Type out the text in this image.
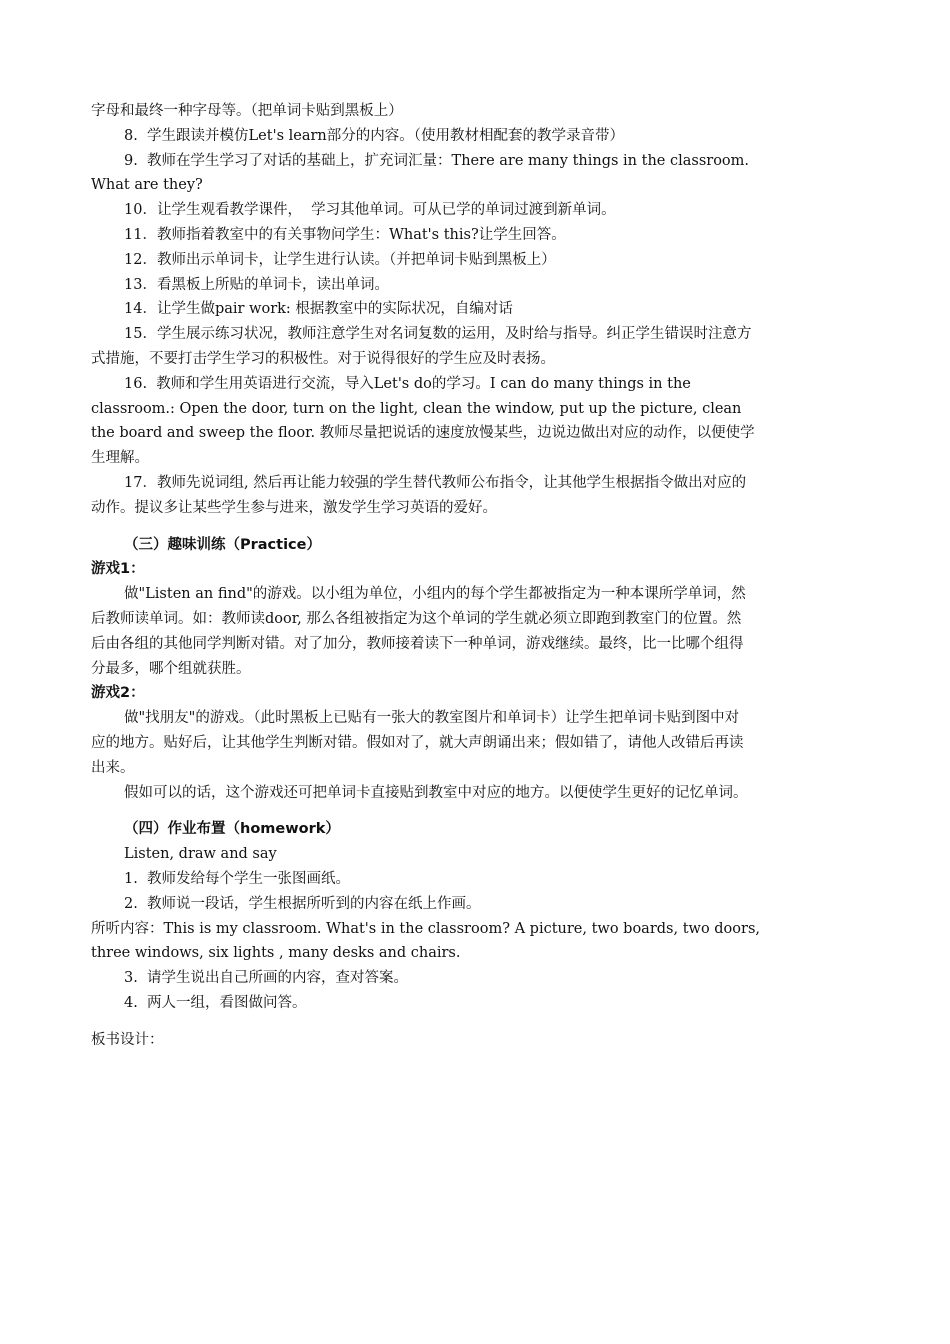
字母和最终一种字母等。（把单词卡贴到黑板上）
8.  学生跟读并模仿Let's learn部分的内容。（使用教材相配套的教学录音带）
9.  教师在学生学习了对话的基础上，扩充词汇量：There are many things in the classroom.
What are they?
10．让学生观看教学课件，  学习其他单词。可从已学的单词过渡到新单词。
11．教师指着教室中的有关事物问学生：What's this?让学生回答。
12．教师出示单词卡，让学生进行认读。（并把单词卡贴到黑板上）
13．看黑板上所贴的单词卡，读出单词。
14．让学生做pair work: 根据教室中的实际状况，自编对话
15．学生展示练习状况，教师注意学生对名词复数的运用，及时给与指导。纠正学生错误时注意方
式措施，不要打击学生学习的积极性。对于说得很好的学生应及时表扬。
16.  教师和学生用英语进行交流，导入Let's do的学习。I can do many things in the
classroom.: Open the door, turn on the light, clean the window, put up the picture, clean
the board and sweep the floor. 教师尽量把说话的速度放慢某些，边说边做出对应的动作，以便使学
生理解。
17．教师先说词组, 然后再让能力较强的学生替代教师公布指令，让其他学生根据指令做出对应的
动作。提议多让某些学生参与进来，激发学生学习英语的爱好。
（三）趣味训练（Practice）
游戏1：
做"Listen an find"的游戏。以小组为单位，小组内的每个学生都被指定为一种本课所学单词，然
后教师读单词。如：教师读door, 那么各组被指定为这个单词的学生就必须立即跑到教室门的位置。然
后由各组的其他同学判断对错。对了加分，教师接着读下一种单词，游戏继续。最终，比一比哪个组得
分最多，哪个组就获胜。
游戏2：
做"找朋友"的游戏。（此时黑板上已贴有一张大的教室图片和单词卡）让学生把单词卡贴到图中对
应的地方。贴好后，让其他学生判断对错。假如对了，就大声朗诵出来；假如错了，请他人改错后再读
出来。
假如可以的话，这个游戏还可把单词卡直接贴到教室中对应的地方。以便使学生更好的记忆单词。
（四）作业布置（homework）
Listen, draw and say
1.  教师发给每个学生一张图画纸。
2.  教师说一段话，学生根据所听到的内容在纸上作画。
所听内容：This is my classroom. What's in the classroom? A picture, two boards, two doors,
three windows, six lights , many desks and chairs.
3.  请学生说出自己所画的内容，查对答案。
4.  两人一组，看图做问答。
板书设计：
